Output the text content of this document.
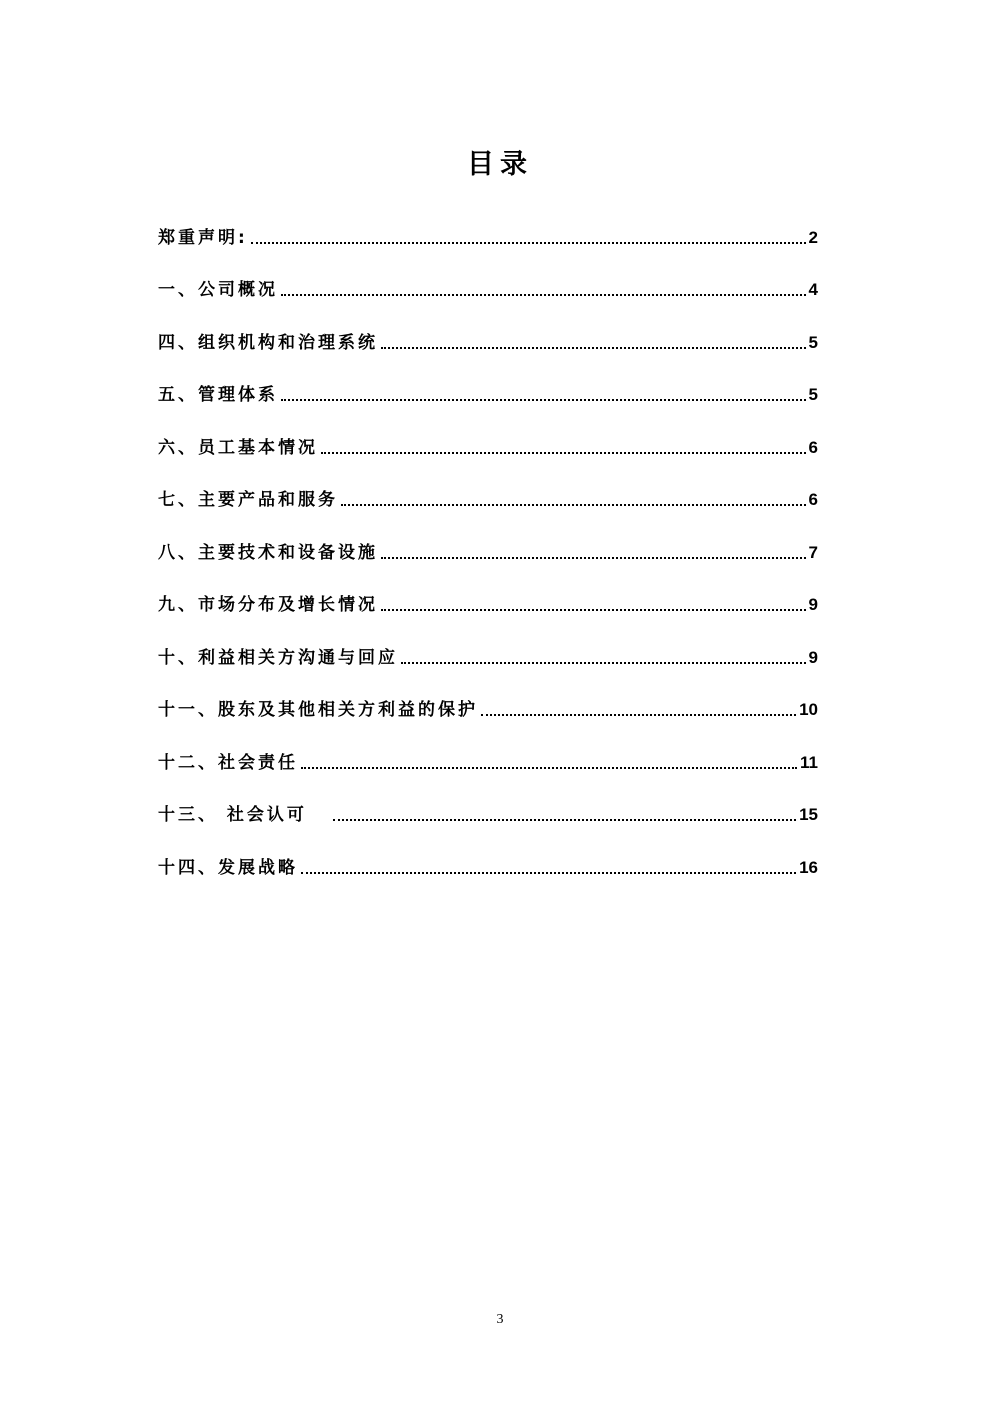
目录
郑重声明:	2
一、公司概况	4
四、组织机构和治理系统	5
五、管理体系	5
六、员工基本情况	6
七、主要产品和服务	6
八、主要技术和设备设施	7
九、市场分布及增长情况	9
十、利益相关方沟通与回应	9
十一、股东及其他相关方利益的保护	10
十二、社会责任	11
十三、 社会认可	15
十四、发展战略	16
3
